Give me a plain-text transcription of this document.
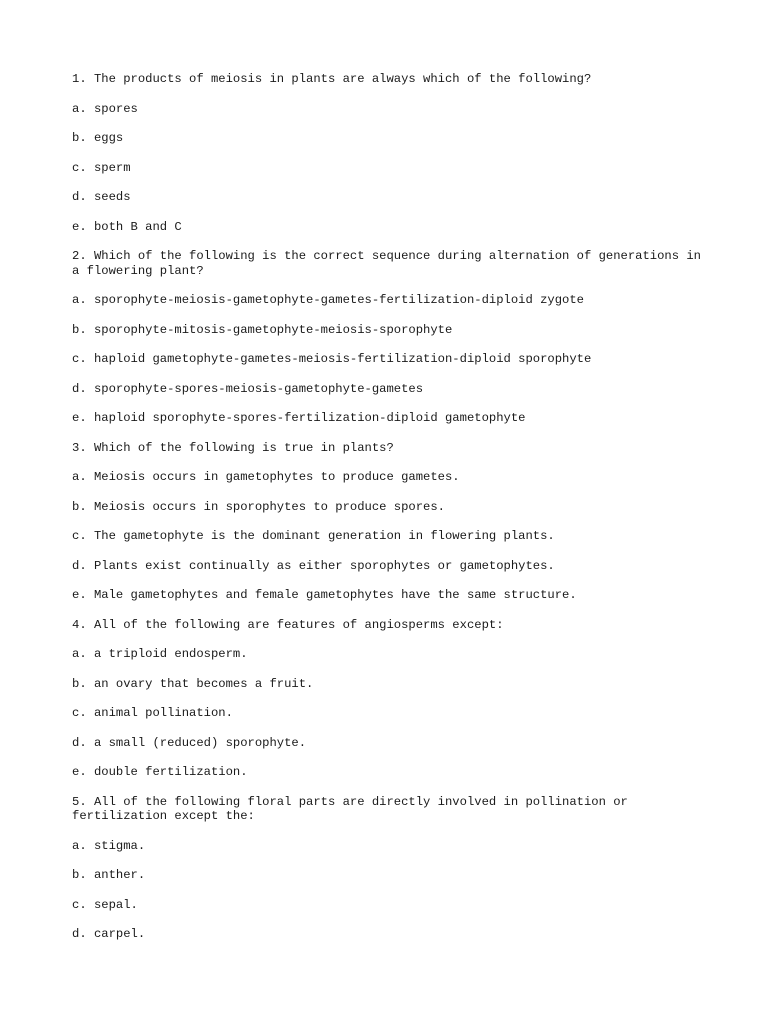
1. The products of meiosis in plants are always which of the following?

a. spores

b. eggs

c. sperm

d. seeds

e. both B and C

2. Which of the following is the correct sequence during alternation of generations in a flowering plant?

a. sporophyte-meiosis-gametophyte-gametes-fertilization-diploid zygote

b. sporophyte-mitosis-gametophyte-meiosis-sporophyte

c. haploid gametophyte-gametes-meiosis-fertilization-diploid sporophyte

d. sporophyte-spores-meiosis-gametophyte-gametes

e. haploid sporophyte-spores-fertilization-diploid gametophyte

3. Which of the following is true in plants?

a. Meiosis occurs in gametophytes to produce gametes.

b. Meiosis occurs in sporophytes to produce spores.

c. The gametophyte is the dominant generation in flowering plants.

d. Plants exist continually as either sporophytes or gametophytes.

e. Male gametophytes and female gametophytes have the same structure.

4. All of the following are features of angiosperms except:

a. a triploid endosperm.

b. an ovary that becomes a fruit.

c. animal pollination.

d. a small (reduced) sporophyte.

e. double fertilization.

5. All of the following floral parts are directly involved in pollination or fertilization except the:

a. stigma.

b. anther.

c. sepal.

d. carpel.
